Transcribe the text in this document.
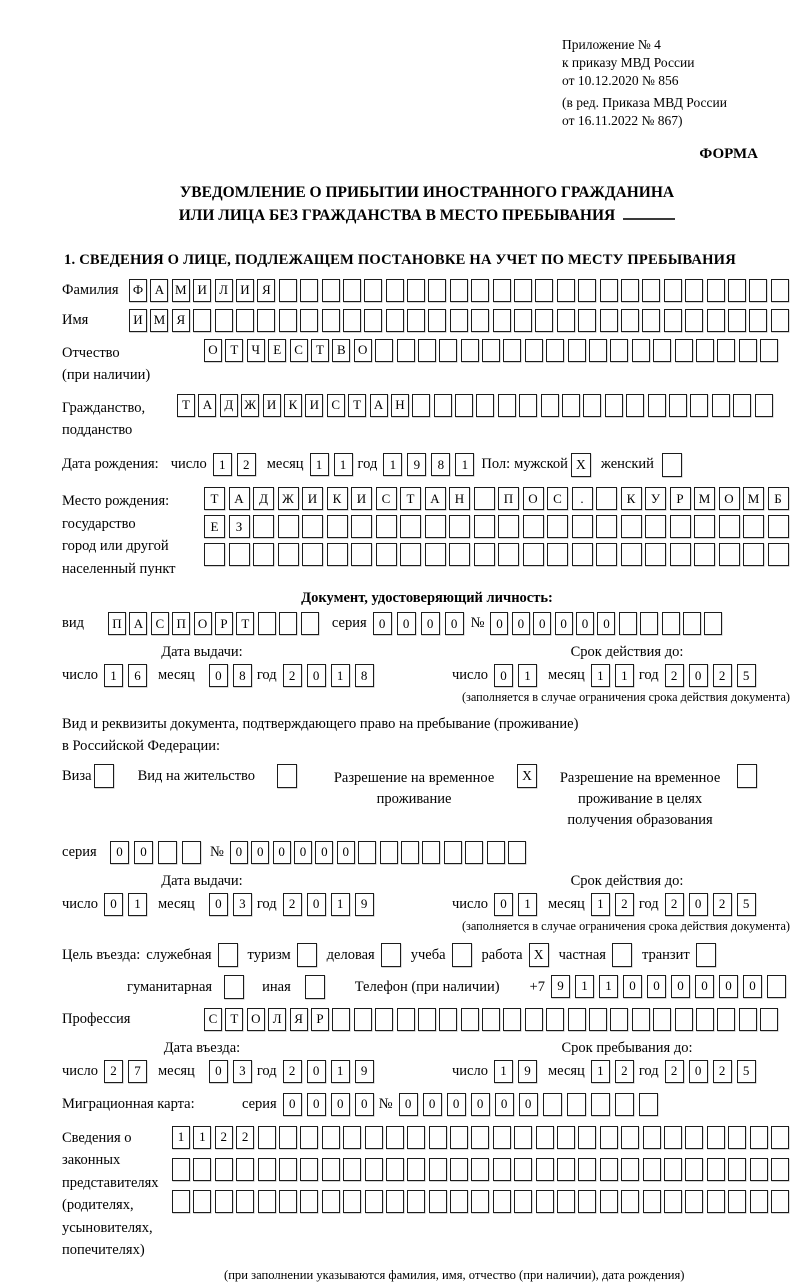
Приложение № 4
к приказу МВД России
от 10.12.2020 № 856
(в ред. Приказа МВД России
от 16.11.2022 № 867)
ФОРМА
УВЕДОМЛЕНИЕ О ПРИБЫТИИ ИНОСТРАННОГО ГРАЖДАНИНА
ИЛИ ЛИЦА БЕЗ ГРАЖДАНСТВА В МЕСТО ПРЕБЫВАНИЯ
1. СВЕДЕНИЯ О ЛИЦЕ, ПОДЛЕЖАЩЕМ ПОСТАНОВКЕ НА УЧЕТ ПО МЕСТУ ПРЕБЫВАНИЯ
Фамилия	Ф А М И Л И Я
Имя	И М Я
Отчество
(при наличии)
О Т	Ч	Е	С	Т	В О
Гражданство,
подданство
Т А Д Ж И К И С	Т А Н
Дата рождения: число 1	2	месяц 1	1 год 1	9	8	1 Пол: мужской X	женский
Место рождения:
государство
город или другой
населенный пункт
Т	А	Д	Ж	И	К	И	С	Т	А	Н	П	О	С	.	К	У	Р	М	О	М	Б
Е	З
Документ, удостоверяющий личность:
вид	П А С П О	Р	Т	серия 0	0	0	0 № 0	0	0	0	0	0
Дата выдачи:
число 1	6	месяц	0	8 год 2	0	1	8
Срок действия до:
число 0	1	месяц 1	1 год 2	0	2	5
(заполняется в случае ограничения срока действия документа)
Вид и реквизиты документа, подтверждающего право на пребывание (проживание)
в Российской Федерации:
Виза	Вид на жительство	Разрешение на временное проживание
X	Разрешение на временное проживание в целях получения образования
серия	0	0	№ 0	0	0	0	0	0
Дата выдачи:
число 0	1	месяц	0	3 год 2	0	1	9
Срок действия до:
число 0	1	месяц 1	2 год 2	0	2	5
(заполняется в случае ограничения срока действия документа)
Цель въезда: служебная туризм деловая учеба работа X	частная транзит
гуманитарная	иная	Телефон (при наличии) +7 9	1	1	0	0	0	0	0	0
Профессия	С	Т О Л Я	Р
Дата въезда:
число 2	7	месяц	0	3 год 2	0	1	9
Срок пребывания до:
число 1	9	месяц 1	2 год 2	0	2	5
Миграционная карта:	серия 0	0	0	0 № 0	0	0	0	0	0
Сведения о
законных
представителях
(родителях,
усыновителях,
попечителях)
1	1	2	2
(при заполнении указываются фамилия, имя, отчество (при наличии), дата рождения)
